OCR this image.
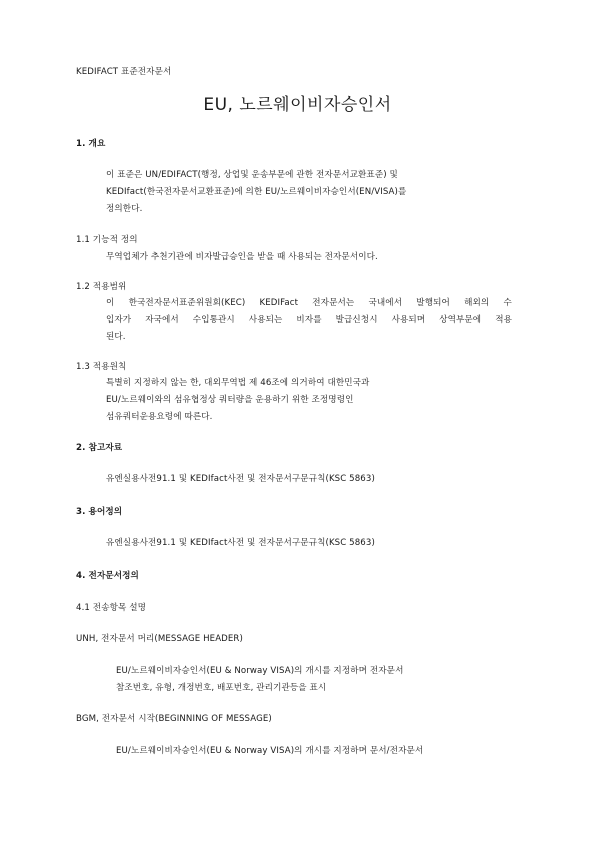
KEDIFACT 표준전자문서
EU, 노르웨이비자승인서
1. 개요
이 표준은 UN/EDIFACT(행정, 상업및 운송부문에 관한 전자문서교환표준) 및
KEDIfact(한국전자문서교환표준)에 의한 EU/노르웨이비자승인서(EN/VISA)를
정의한다.
1.1 기능적 정의
무역업체가 추천기관에 비자발급승인을 받을 때 사용되는 전자문서이다.
1.2 적용범위
이 한국전자문서표준위원회(KEC) KEDIFact 전자문서는 국내에서 발행되어 해외의 수
입자가 자국에서 수입통관시 사용되는 비자를 발급신청시 사용되며 상역부문에 적용
된다.
1.3 적용원칙
특별히 지정하지 않는 한, 대외무역법 제 46조에 의거하여 대한민국과
EU/노르웨이와의 섬유협정상 쿼터량을 운용하기 위한 조정명령인
섬유쿼터운용요령에 따른다.
2. 참고자료
유엔실용사전91.1 및 KEDIfact사전 및 전자문서구문규칙(KSC 5863)
3. 용어정의
유엔실용사전91.1 및 KEDIfact사전 및 전자문서구문규칙(KSC 5863)
4. 전자문서정의
4.1 전송항목 설명
UNH, 전자문서 머리(MESSAGE HEADER)
EU/노르웨이비자승인서(EU & Norway VISA)의 개시를 지정하며 전자문서
참조번호, 유형, 개정번호, 배포번호, 관리기관등을 표시
BGM, 전자문서 시작(BEGINNING OF MESSAGE)
EU/노르웨이비자승인서(EU & Norway VISA)의 개시를 지정하며 문서/전자문서
